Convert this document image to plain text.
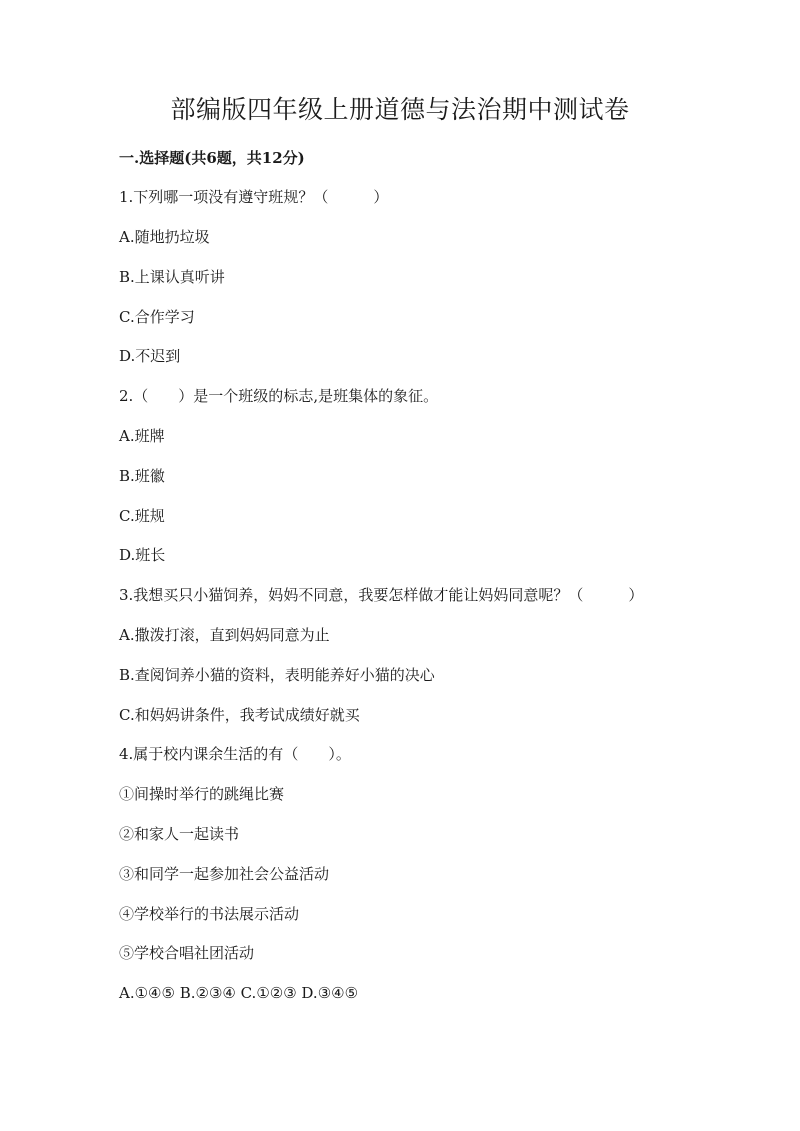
部编版四年级上册道德与法治期中测试卷
一.选择题(共6题，共12分)

1.下列哪一项没有遵守班规？（　　　）

A.随地扔垃圾

B.上课认真听讲

C.合作学习

D.不迟到

2.（　　）是一个班级的标志,是班集体的象征。

A.班牌

B.班徽

C.班规

D.班长

3.我想买只小猫饲养，妈妈不同意，我要怎样做才能让妈妈同意呢？（　　　）

A.撒泼打滚，直到妈妈同意为止

B.查阅饲养小猫的资料，表明能养好小猫的决心

C.和妈妈讲条件，我考试成绩好就买

4.属于校内课余生活的有（　　）。

①间操时举行的跳绳比赛

②和家人一起读书

③和同学一起参加社会公益活动

④学校举行的书法展示活动

⑤学校合唱社团活动

A.①④⑤ B.②③④ C.①②③ D.③④⑤
